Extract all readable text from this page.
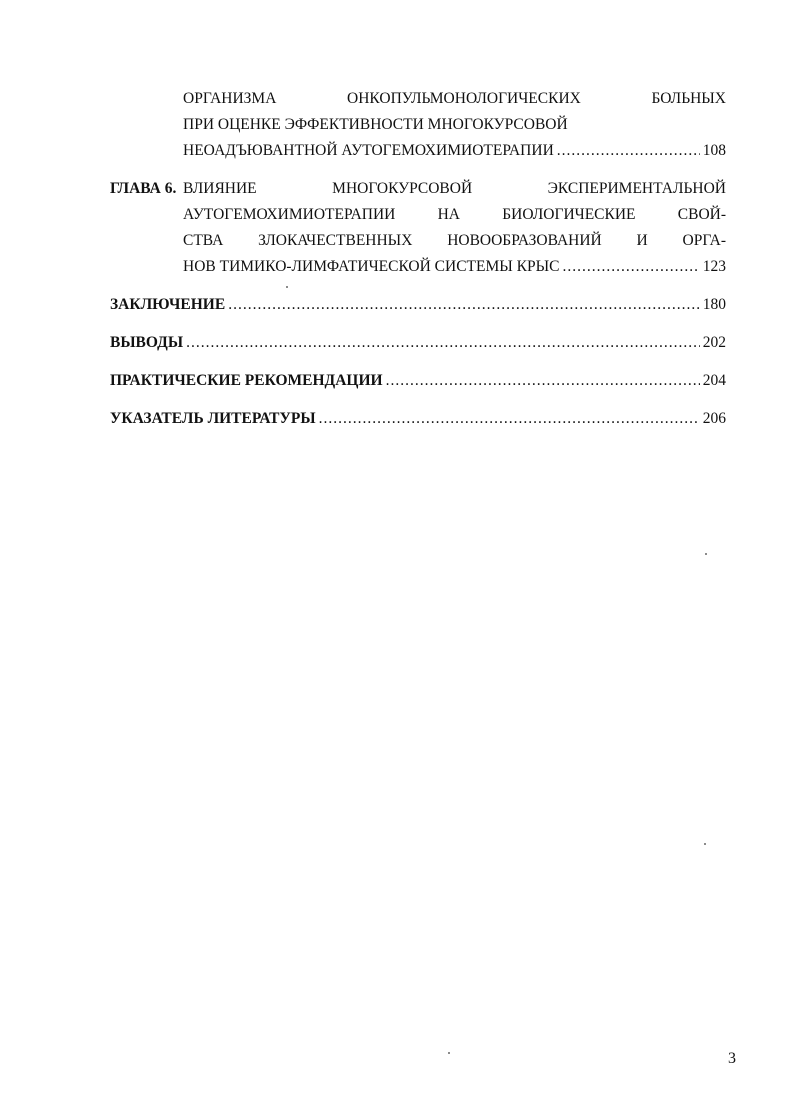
ОРГАНИЗМА ОНКОПУЛЬМОНОЛОГИЧЕСКИХ БОЛЬНЫХ
ПРИ ОЦЕНКЕ ЭФФЕКТИВНОСТИ МНОГОКУРСОВОЙ
НЕОАДЪЮВАНТНОЙ АУТОГЕМОХИМИОТЕРАПИИ .....	108
ГЛАВА 6. ВЛИЯНИЕ МНОГОКУРСОВОЙ ЭКСПЕРИМЕНТАЛЬНОЙ
АУТОГЕМОХИМИОТЕРАПИИ НА БИОЛОГИЧЕСКИЕ СВОЙ-
СТВА ЗЛОКАЧЕСТВЕННЫХ НОВООБРАЗОВАНИЙ И ОРГА-
НОВ ТИМИКО-ЛИМФАТИЧЕСКОЙ СИСТЕМЫ КРЫС .....	123
ЗАКЛЮЧЕНИЕ .....	180
ВЫВОДЫ .....	202
ПРАКТИЧЕСКИЕ РЕКОМЕНДАЦИИ .....	204
УКАЗАТЕЛЬ ЛИТЕРАТУРЫ .....	206
3
